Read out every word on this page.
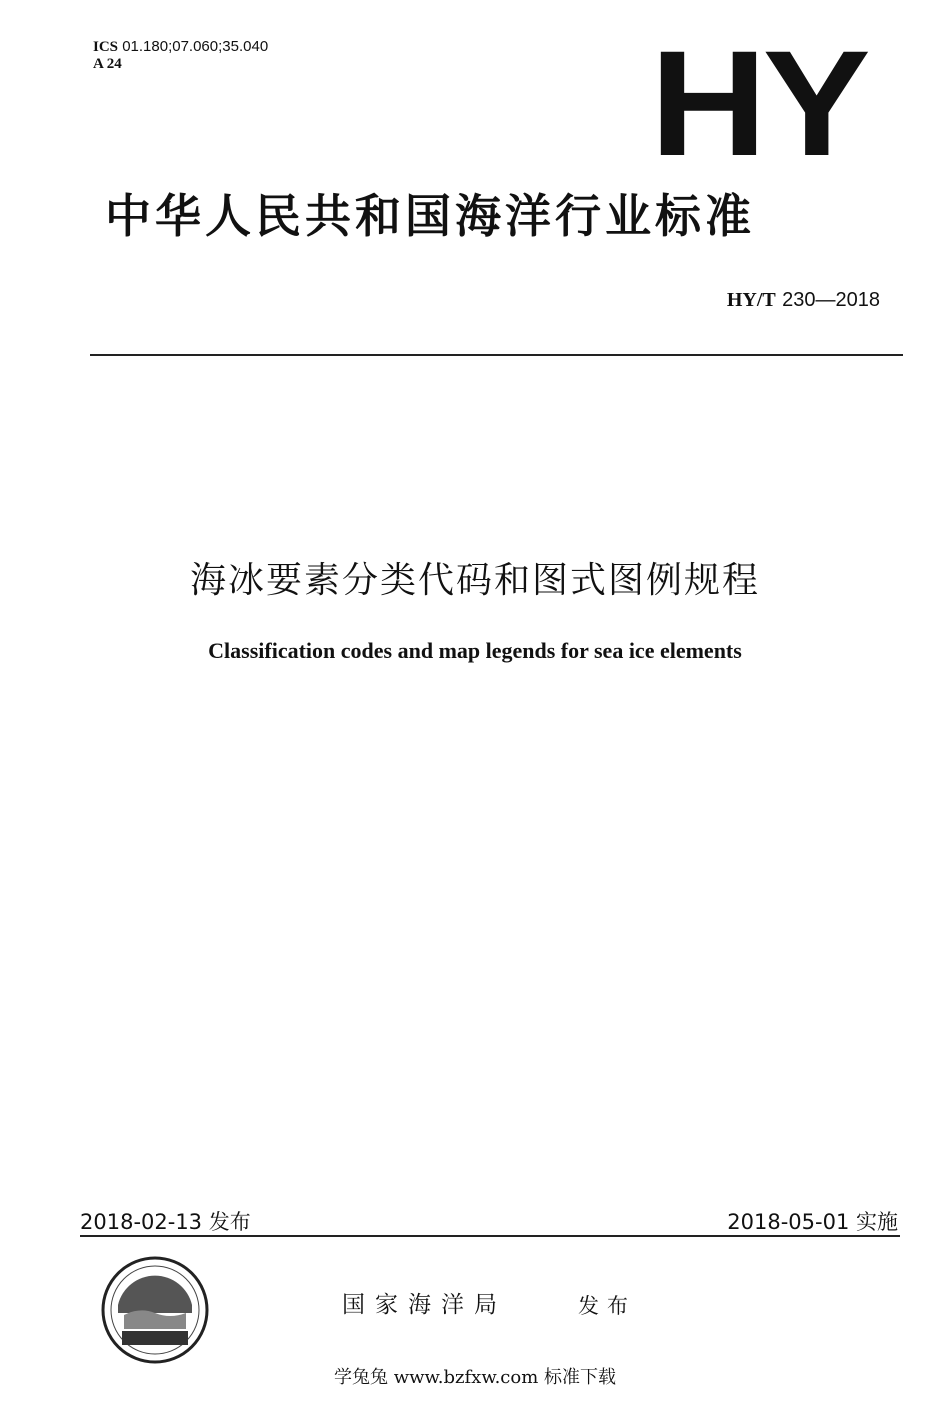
ICS 01.180;07.060;35.040
A 24	HY
中华人民共和国海洋行业标准
HY/T 230—2018
海冰要素分类代码和图式图例规程
Classification codes and map legends for sea ice elements
2018-02-13 发布	2018-05-01 实施
国家海洋局	发布
学兔兔 www.bzfxw.com 标准下载
